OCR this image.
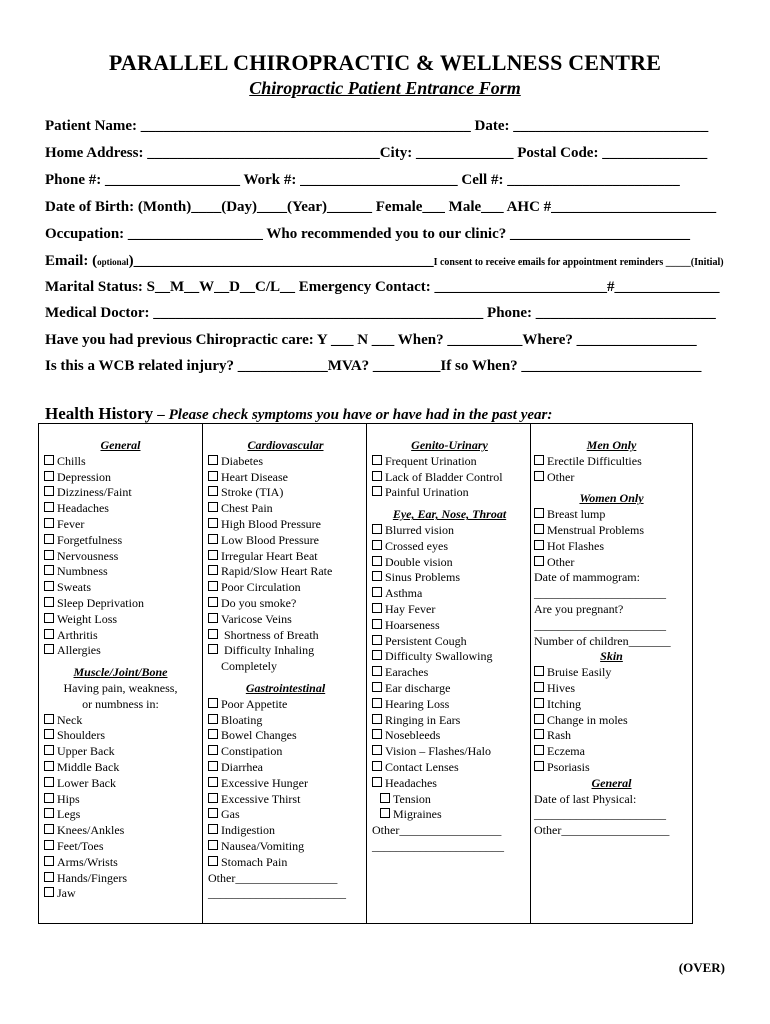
PARALLEL CHIROPRACTIC & WELLNESS CENTRE
Chiropractic Patient Entrance Form
Patient Name: ____________________________________________ Date: __________________________
Home Address: _______________________________City: _____________ Postal Code: ______________
Phone #: __________________ Work #: _____________________ Cell #: _______________________
Date of Birth: (Month)____(Day)____(Year)______ Female___ Male___ AHC #______________________
Occupation: __________________ Who recommended you to our clinic? ________________________
Email: (optional)________________________________________I consent to receive emails for appointment reminders _____(Initial)
Marital Status: S__M__W__D__C/L__ Emergency Contact: _______________________#______________
Medical Doctor: ____________________________________________ Phone: ________________________
Have you had previous Chiropractic care: Y ___ N ___ When? __________Where? ________________
Is this a WCB related injury? ____________MVA? _________If so When? ________________________
Health History – Please check symptoms you have or have had in the past year:
General
Chills
Depression
Dizziness/Faint
Headaches
Fever
Forgetfulness
Nervousness
Numbness
Sweats
Sleep Deprivation
Weight Loss
Arthritis
Allergies
Muscle/Joint/Bone
Having pain, weakness,
or numbness in:
Neck
Shoulders
Upper Back
Middle Back
Lower Back
Hips
Legs
Knees/Ankles
Feet/Toes
Arms/Wrists
Hands/Fingers
Jaw
Cardiovascular
Diabetes
Heart Disease
Stroke (TIA)
Chest Pain
High Blood Pressure
Low Blood Pressure
Irregular Heart Beat
Rapid/Slow Heart Rate
Poor Circulation
Do you smoke?
Varicose Veins
Shortness of Breath
Difficulty Inhaling
Completely
Gastrointestinal
Poor Appetite
Bloating
Bowel Changes
Constipation
Diarrhea
Excessive Hunger
Excessive Thirst
Gas
Indigestion
Nausea/Vomiting
Stomach Pain
Other_________________
_______________________
Genito-Urinary
Frequent Urination
Lack of Bladder Control
Painful Urination
Eye, Ear, Nose, Throat
Blurred vision
Crossed eyes
Double vision
Sinus Problems
Asthma
Hay Fever
Hoarseness
Persistent Cough
Difficulty Swallowing
Earaches
Ear discharge
Hearing Loss
Ringing in Ears
Nosebleeds
Vision – Flashes/Halo
Contact Lenses
Headaches
Tension
Migraines
Other_________________
______________________
Men Only
Erectile Difficulties
Other
Women Only
Breast lump
Menstrual Problems
Hot Flashes
Other
Date of mammogram:
______________________
Are you pregnant?
______________________
Number of children_______
Skin
Bruise Easily
Hives
Itching
Change in moles
Rash
Eczema
Psoriasis
General
Date of last Physical:
______________________
Other__________________
(OVER)
